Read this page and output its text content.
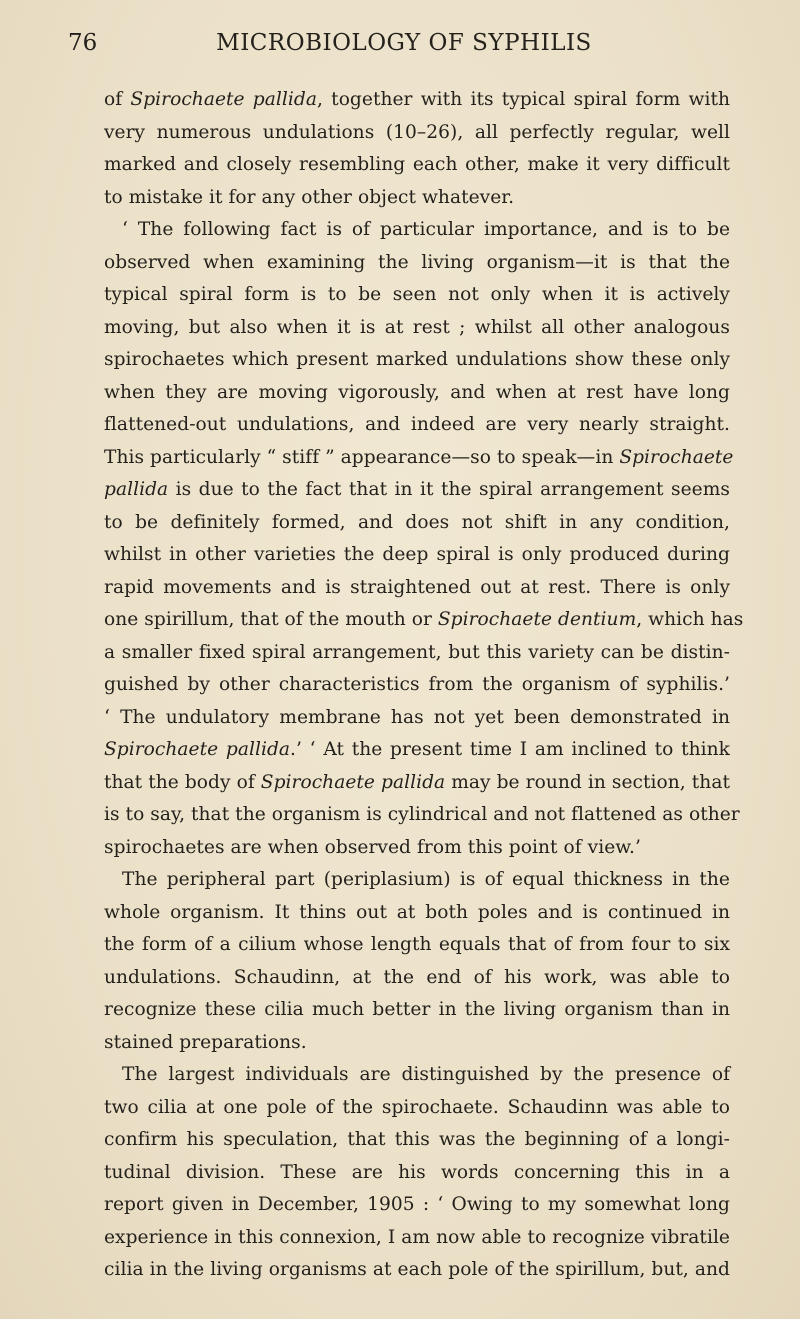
76	MICROBIOLOGY OF SYPHILIS
of Spirochaete pallida, together with its typical spiral form with
very numerous undulations (10–26), all perfectly regular, well
marked and closely resembling each other, make it very difficult
to mistake it for any other object whatever.
‘ The following fact is of particular importance, and is to be
observed when examining the living organism—it is that the
typical spiral form is to be seen not only when it is actively
moving, but also when it is at rest ; whilst all other analogous
spirochaetes which present marked undulations show these only
when they are moving vigorously, and when at rest have long
flattened-out undulations, and indeed are very nearly straight.
This particularly “ stiff ” appearance—so to speak—in Spirochaete
pallida is due to the fact that in it the spiral arrangement seems
to be definitely formed, and does not shift in any condition,
whilst in other varieties the deep spiral is only produced during
rapid movements and is straightened out at rest. There is only
one spirillum, that of the mouth or Spirochaete dentium, which has
a smaller fixed spiral arrangement, but this variety can be distin-
guished by other characteristics from the organism of syphilis.’
‘ The undulatory membrane has not yet been demonstrated in
Spirochaete pallida.’ ‘ At the present time I am inclined to think
that the body of Spirochaete pallida may be round in section, that
is to say, that the organism is cylindrical and not flattened as other
spirochaetes are when observed from this point of view.’
The peripheral part (periplasium) is of equal thickness in the
whole organism. It thins out at both poles and is continued in
the form of a cilium whose length equals that of from four to six
undulations. Schaudinn, at the end of his work, was able to
recognize these cilia much better in the living organism than in
stained preparations.
The largest individuals are distinguished by the presence of
two cilia at one pole of the spirochaete. Schaudinn was able to
confirm his speculation, that this was the beginning of a longi-
tudinal division. These are his words concerning this in a
report given in December, 1905 : ‘ Owing to my somewhat long
experience in this connexion, I am now able to recognize vibratile
cilia in the living organisms at each pole of the spirillum, but, and
